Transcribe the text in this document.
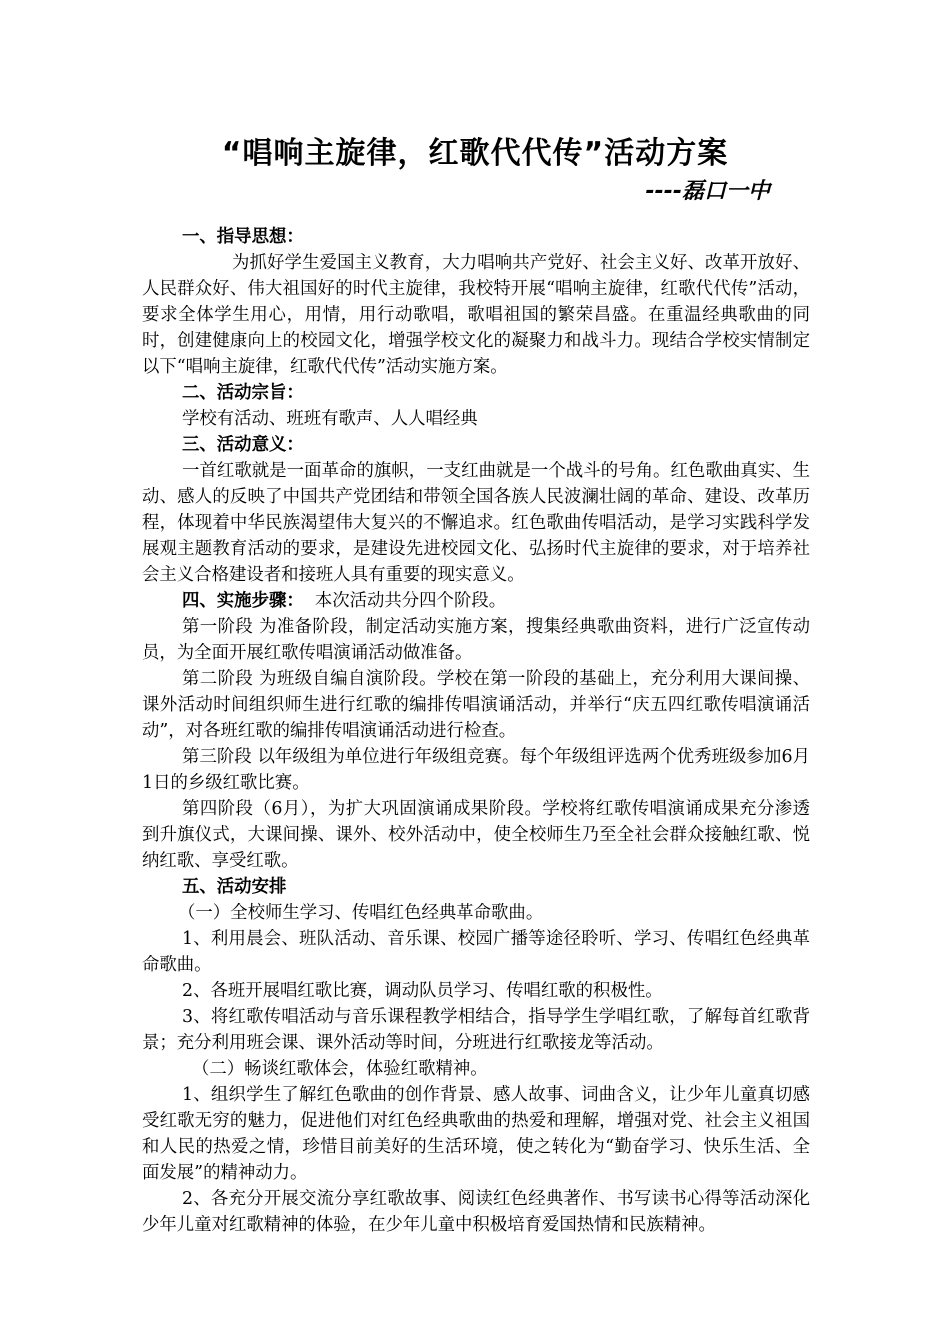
“唱响主旋律，红歌代代传”活动方案
----磊口一中

一、指导思想：

为抓好学生爱国主义教育，大力唱响共产党好、社会主义好、改革开放好、人民群众好、伟大祖国好的时代主旋律，我校特开展“唱响主旋律，红歌代代传”活动，要求全体学生用心，用情，用行动歌唱，歌唱祖国的繁荣昌盛。在重温经典歌曲的同时，创建健康向上的校园文化，增强学校文化的凝聚力和战斗力。现结合学校实情制定以下“唱响主旋律，红歌代代传”活动实施方案。

二、活动宗旨：

学校有活动、班班有歌声、人人唱经典

三、活动意义：

一首红歌就是一面革命的旗帜，一支红曲就是一个战斗的号角。红色歌曲真实、生动、感人的反映了中国共产党团结和带领全国各族人民波澜壮阔的革命、建设、改革历程，体现着中华民族渴望伟大复兴的不懈追求。红色歌曲传唱活动，是学习实践科学发展观主题教育活动的要求，是建设先进校园文化、弘扬时代主旋律的要求，对于培养社会主义合格建设者和接班人具有重要的现实意义。

四、实施步骤： 本次活动共分四个阶段。

第一阶段 为准备阶段，制定活动实施方案，搜集经典歌曲资料，进行广泛宣传动员，为全面开展红歌传唱演诵活动做准备。

第二阶段 为班级自编自演阶段。学校在第一阶段的基础上，充分利用大课间操、课外活动时间组织师生进行红歌的编排传唱演诵活动，并举行“庆五四红歌传唱演诵活动”，对各班红歌的编排传唱演诵活动进行检查。

第三阶段 以年级组为单位进行年级组竞赛。每个年级组评选两个优秀班级参加6月1日的乡级红歌比赛。

第四阶段（6月），为扩大巩固演诵成果阶段。学校将红歌传唱演诵成果充分渗透到升旗仪式，大课间操、课外、校外活动中，使全校师生乃至全社会群众接触红歌、悦纳红歌、享受红歌。

五、活动安排

（一）全校师生学习、传唱红色经典革命歌曲。

1、利用晨会、班队活动、音乐课、校园广播等途径聆听、学习、传唱红色经典革命歌曲。

2、各班开展唱红歌比赛，调动队员学习、传唱红歌的积极性。

3、将红歌传唱活动与音乐课程教学相结合，指导学生学唱红歌，了解每首红歌背景；充分利用班会课、课外活动等时间，分班进行红歌接龙等活动。

（二）畅谈红歌体会，体验红歌精神。

1、组织学生了解红色歌曲的创作背景、感人故事、词曲含义，让少年儿童真切感受红歌无穷的魅力，促进他们对红色经典歌曲的热爱和理解，增强对党、社会主义祖国和人民的热爱之情，珍惜目前美好的生活环境，使之转化为“勤奋学习、快乐生活、全面发展”的精神动力。

2、各充分开展交流分享红歌故事、阅读红色经典著作、书写读书心得等活动深化少年儿童对红歌精神的体验，在少年儿童中积极培育爱国热情和民族精神。
